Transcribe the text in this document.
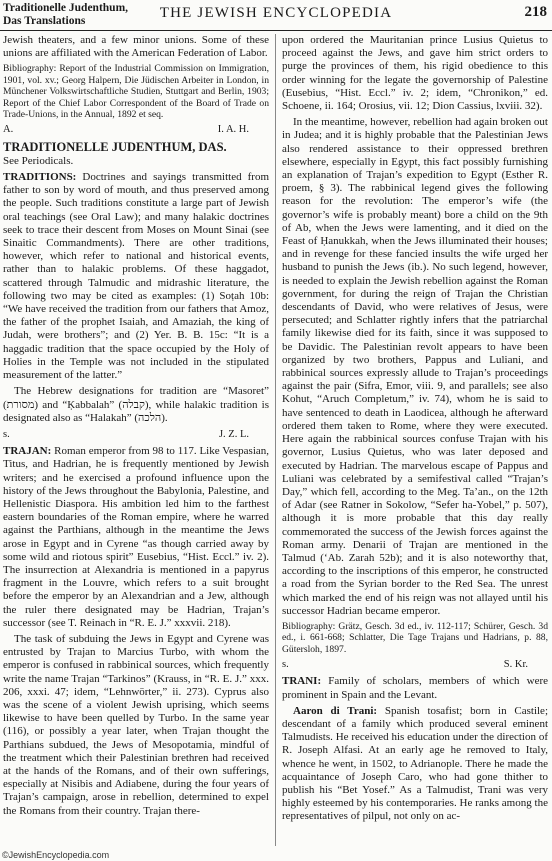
Traditionelle Judenthum, Das Translations	THE JEWISH ENCYCLOPEDIA	218

Jewish theaters, and a few minor unions. Some of these unions are affiliated with the American Federation of Labor.

Bibliography: Report of the Industrial Commission on Immigration, 1901, vol. xv.; Georg Halpern, Die Jüdischen Arbeiter in London, in Münchener Volkswirtschaftliche Studien, Stuttgart and Berlin, 1903; Report of the Chief Labor Correspondent of the Board of Trade on Trade-Unions, in the Annual, 1892 et seq.

A.	I. A. H.
TRADITIONELLE JUDENTHUM, DAS.

See Periodicals.

TRADITIONS: Doctrines and sayings transmitted from father to son by word of mouth, and thus preserved among the people. Such traditions constitute a large part of Jewish oral teachings (see Oral Law); and many halakic doctrines seek to trace their descent from Moses on Mount Sinai (see Sinaitic Commandments). There are other traditions, however, which refer to national and historical events, rather than to halakic problems. Of these haggadot, scattered through Talmudic and midrashic literature, the following two may be cited as examples: (1) Soṭah 10b: “We have received the tradition from our fathers that Amoz, the father of the prophet Isaiah, and Amaziah, the king of Judah, were brothers”; and (2) Yer. B. B. 15c: “It is a haggadic tradition that the space occupied by the Holy of Holies in the Temple was not included in the stipulated measurement of the latter.”

The Hebrew designations for tradition are “Masoret” (מסורת) and “Ḳabbalah” (קבלה), while halakic tradition is designated also as “Halakah” (הלכה).

s.	J. Z. L.

TRAJAN: Roman emperor from 98 to 117. Like Vespasian, Titus, and Hadrian, he is frequently mentioned by Jewish writers; and he exercised a profound influence upon the history of the Jews throughout the Babylonia, Palestine, and Hellenistic Diaspora. His ambition led him to the farthest eastern boundaries of the Roman empire, where he warred against the Parthians, although in the meantime the Jews arose in Egypt and in Cyrene “as though carried away by some wild and riotous spirit” Eusebius, “Hist. Eccl.” iv. 2). The insurrection at Alexandria is mentioned in a papyrus fragment in the Louvre, which refers to a suit brought before the emperor by an Alexandrian and a Jew, although the ruler there designated may be Hadrian, Trajan’s successor (see T. Reinach in “R. E. J.” xxxvii. 218).

The task of subduing the Jews in Egypt and Cyrene was entrusted by Trajan to Marcius Turbo, with whom the emperor is confused in rabbinical sources, which frequently write the name Trajan “Tarkinos” (Krauss, in “R. E. J.” xxx. 206, xxxi. 47; idem, “Lehnwörter,” ii. 273). Cyprus also was the scene of a violent Jewish uprising, which seems likewise to have been quelled by Turbo. In the same year (116), or possibly a year later, when Trajan thought the Parthians subdued, the Jews of Mesopotamia, mindful of the treatment which their Palestinian brethren had received at the hands of the Romans, and of their own sufferings, especially at Nisibis and Adiabene, during the four years of Trajan’s campaign, arose in rebellion, determined to expel the Romans from their country. Trajan there-

upon ordered the Mauritanian prince Lusius Quietus to proceed against the Jews, and gave him strict orders to purge the provinces of them, his rigid obedience to this order winning for the legate the governorship of Palestine (Eusebius, “Hist. Eccl.” iv. 2; idem, “Chronikon,” ed. Schoene, ii. 164; Orosius, vii. 12; Dion Cassius, lxviii. 32).

In the meantime, however, rebellion had again broken out in Judea; and it is highly probable that the Palestinian Jews also rendered assistance to their oppressed brethren elsewhere, especially in Egypt, this fact possibly furnishing an explanation of Trajan’s expedition to Egypt (Esther R. proem, § 3). The rabbinical legend gives the following reason for the revolution: The emperor’s wife (the governor’s wife is probably meant) bore a child on the 9th of Ab, when the Jews were lamenting, and it died on the Feast of Ḥanukkah, when the Jews illuminated their houses; and in revenge for these fancied insults the wife urged her husband to punish the Jews (ib.). No such legend, however, is needed to explain the Jewish rebellion against the Roman government, for during the reign of Trajan the Christian descendants of David, who were relatives of Jesus, were persecuted; and Schlatter rightly infers that the patriarchal family likewise died for its faith, since it was supposed to be Davidic. The Palestinian revolt appears to have been organized by two brothers, Pappus and Luliani, and rabbinical sources expressly allude to Trajan’s proceedings against the pair (Sifra, Emor, viii. 9, and parallels; see also Kohut, “Aruch Completum,” iv. 74), whom he is said to have sentenced to death in Laodicea, although he afterward ordered them taken to Rome, where they were executed. Here again the rabbinical sources confuse Trajan with his governor, Lusius Quietus, who was later deposed and executed by Hadrian. The marvelous escape of Pappus and Luliani was celebrated by a semifestival called “Trajan’s Day,” which fell, according to the Meg. Ta’an., on the 12th of Adar (see Ratner in Sokolow, “Sefer ha-Yobel,” p. 507), although it is more probable that this day really commemorated the success of the Jewish forces against the Roman army. Denarii of Trajan are mentioned in the Talmud (‘Ab. Zarah 52b); and it is also noteworthy that, according to the inscriptions of this emperor, he constructed a road from the Syrian border to the Red Sea. The unrest which marked the end of his reign was not allayed until his successor Hadrian became emperor.

Bibliography: Grätz, Gesch. 3d ed., iv. 112-117; Schürer, Gesch. 3d ed., i. 661-668; Schlatter, Die Tage Trajans und Hadrians, p. 88, Gütersloh, 1897.

s.	S. Kr.

TRANI: Family of scholars, members of which were prominent in Spain and the Levant.

Aaron di Trani: Spanish tosafist; born in Castile; descendant of a family which produced several eminent Talmudists. He received his education under the direction of R. Joseph Alfasi. At an early age he removed to Italy, whence he went, in 1502, to Adrianople. There he made the acquaintance of Joseph Caro, who had gone thither to publish his “Bet Yosef.” As a Talmudist, Trani was very highly esteemed by his contemporaries. He ranks among the representatives of pilpul, not only on ac-

©JewishEncyclopedia.com
